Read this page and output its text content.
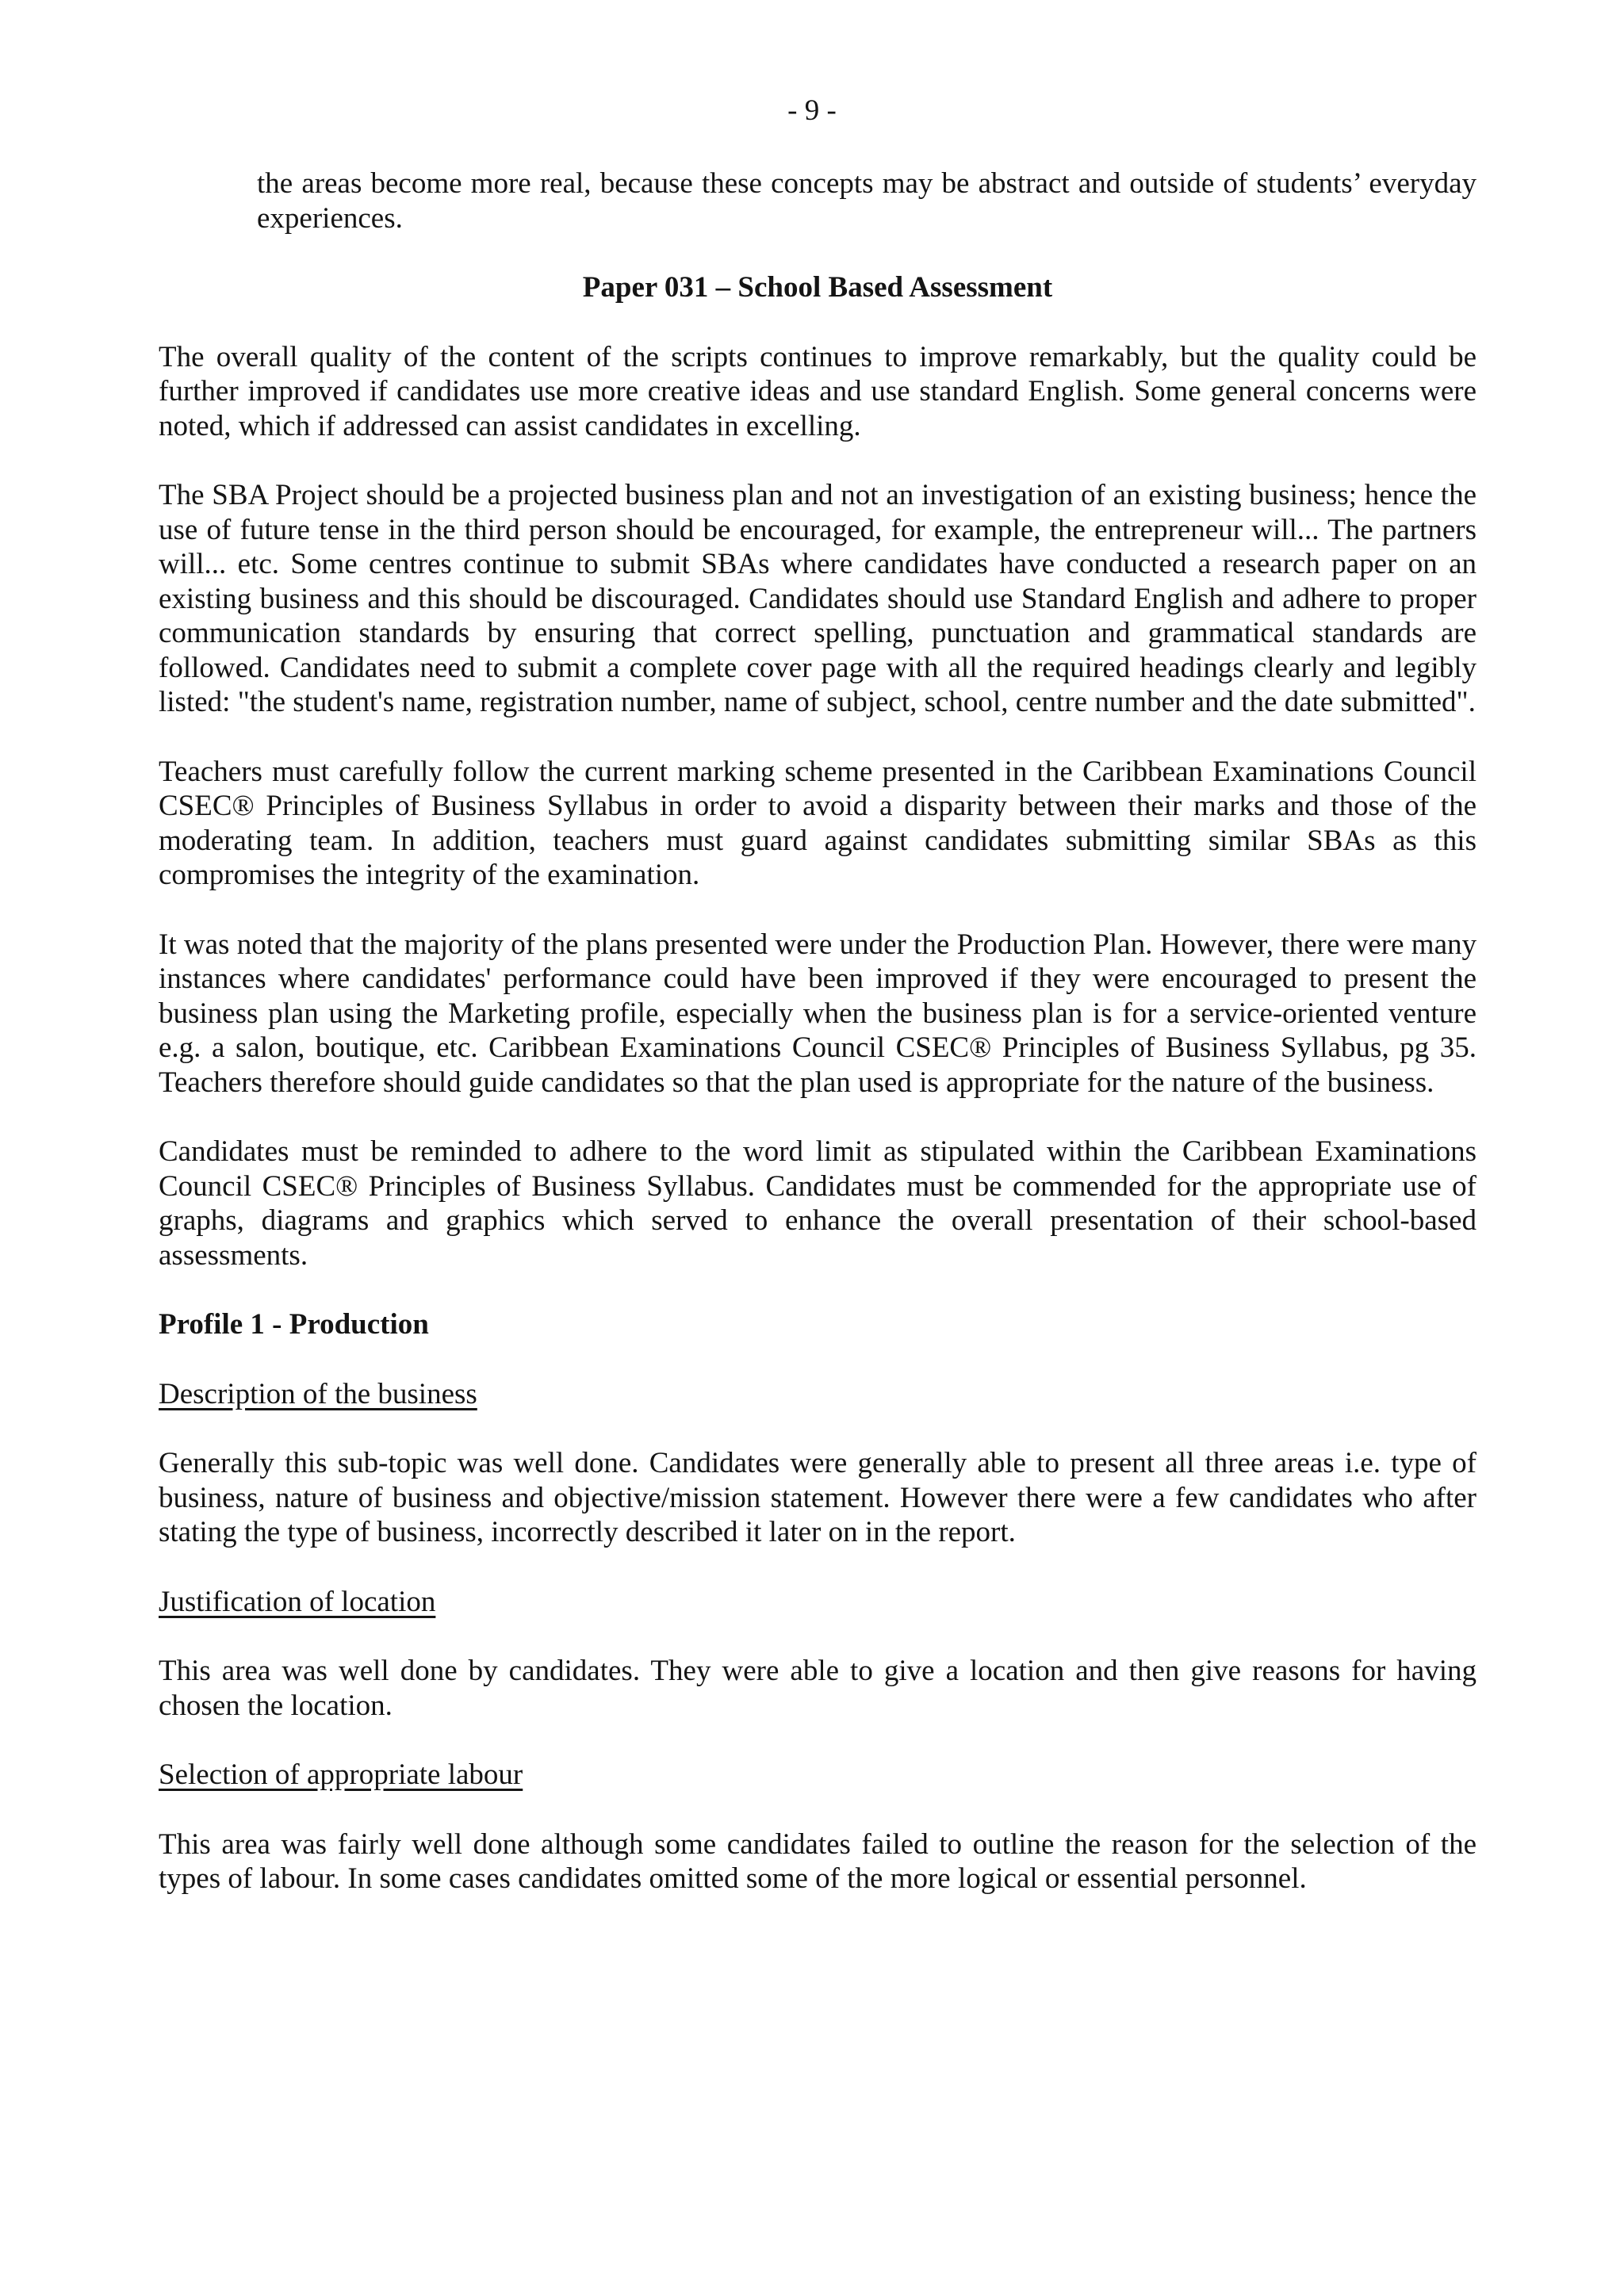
- 9 -

the areas become more real, because these concepts may be abstract and outside of students’ everyday experiences.

Paper 031 – School Based Assessment

The overall quality of the content of the scripts continues to improve remarkably, but the quality could be further improved if candidates use more creative ideas and use standard English. Some general concerns were noted, which if addressed can assist candidates in excelling.

The SBA Project should be a projected business plan and not an investigation of an existing business; hence the use of future tense in the third person should be encouraged, for example, the entrepreneur will... The partners will... etc. Some centres continue to submit SBAs where candidates have conducted a research paper on an existing business and this should be discouraged. Candidates should use Standard English and adhere to proper communication standards by ensuring that correct spelling, punctuation and grammatical standards are followed. Candidates need to submit a complete cover page with all the required headings clearly and legibly listed: "the student's name, registration number, name of subject, school, centre number and the date submitted".

Teachers must carefully follow the current marking scheme presented in the Caribbean Examinations Council CSEC® Principles of Business Syllabus in order to avoid a disparity between their marks and those of the moderating team. In addition, teachers must guard against candidates submitting similar SBAs as this compromises the integrity of the examination.

It was noted that the majority of the plans presented were under the Production Plan. However, there were many instances where candidates' performance could have been improved if they were encouraged to present the business plan using the Marketing profile, especially when the business plan is for a service-oriented venture e.g. a salon, boutique, etc. Caribbean Examinations Council CSEC® Principles of Business Syllabus, pg 35. Teachers therefore should guide candidates so that the plan used is appropriate for the nature of the business.

Candidates must be reminded to adhere to the word limit as stipulated within the Caribbean Examinations Council CSEC® Principles of Business Syllabus. Candidates must be commended for the appropriate use of graphs, diagrams and graphics which served to enhance the overall presentation of their school-based assessments.

Profile 1 - Production
Description of the business

Generally this sub-topic was well done. Candidates were generally able to present all three areas i.e. type of business, nature of business and objective/mission statement. However there were a few candidates who after stating the type of business, incorrectly described it later on in the report.

Justification of location

This area was well done by candidates. They were able to give a location and then give reasons for having chosen the location.

Selection of appropriate labour

This area was fairly well done although some candidates failed to outline the reason for the selection of the types of labour. In some cases candidates omitted some of the more logical or essential personnel.
